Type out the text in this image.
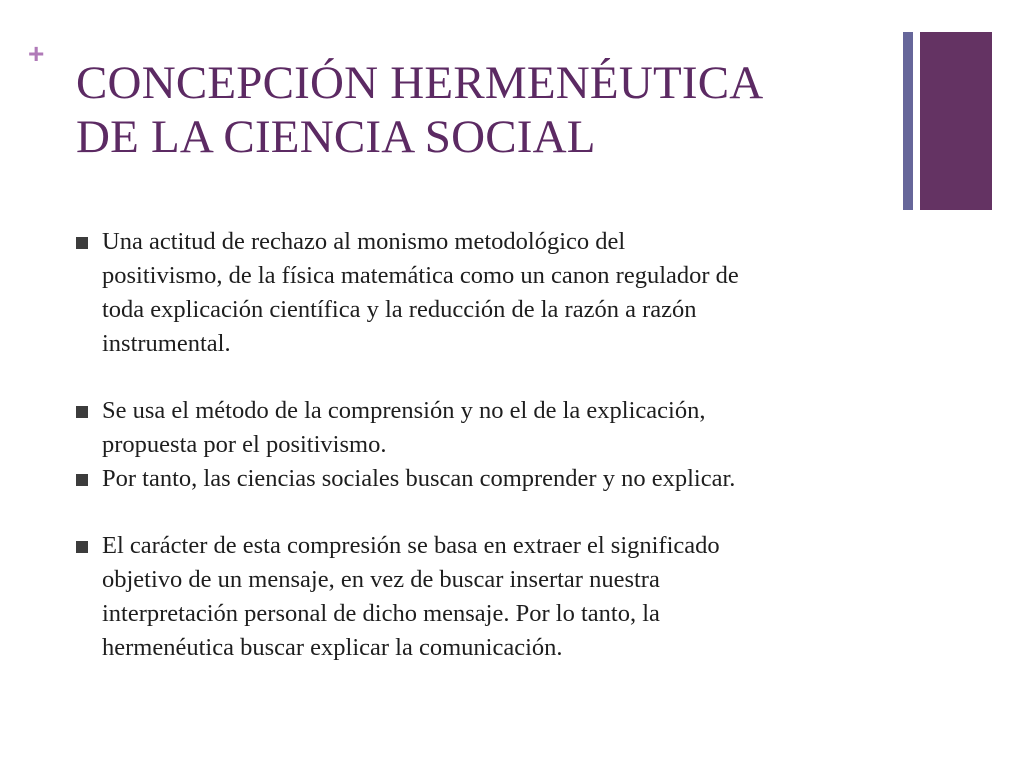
+
CONCEPCIÓN HERMENÉUTICA
DE LA CIENCIA SOCIAL
Una actitud de rechazo al monismo metodológico del
positivismo, de la física matemática como un canon regulador de
toda explicación científica y la reducción de la razón a razón
instrumental.
Se usa el método de la comprensión y no el de la explicación,
propuesta por el positivismo.
Por tanto, las ciencias sociales buscan comprender y no explicar.
El carácter de esta compresión se basa en extraer el significado
objetivo de un mensaje, en vez de buscar insertar nuestra
interpretación personal de dicho mensaje. Por lo tanto, la
hermenéutica buscar explicar la comunicación.
